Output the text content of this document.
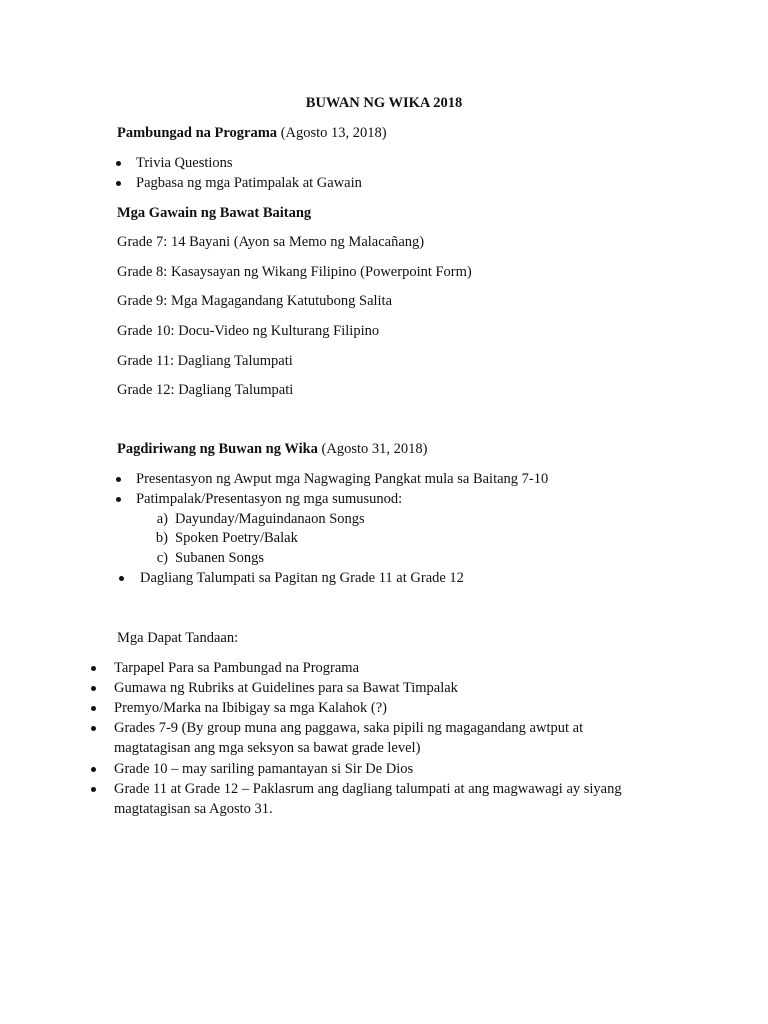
BUWAN NG WIKA 2018
Pambungad na Programa (Agosto 13, 2018)
Trivia Questions
Pagbasa ng mga Patimpalak at Gawain
Mga Gawain ng Bawat Baitang
Grade 7: 14 Bayani (Ayon sa Memo ng Malacañang)
Grade 8: Kasaysayan ng Wikang Filipino (Powerpoint Form)
Grade 9: Mga Magagandang Katutubong Salita
Grade 10: Docu-Video ng Kulturang Filipino
Grade 11: Dagliang Talumpati
Grade 12: Dagliang Talumpati
Pagdiriwang ng Buwan ng Wika (Agosto 31, 2018)
Presentasyon ng Awput mga Nagwaging Pangkat mula sa Baitang 7-10
Patimpalak/Presentasyon ng mga sumusunod:
a) Dayunday/Maguindanaon Songs
b) Spoken Poetry/Balak
c) Subanen Songs
Dagliang Talumpati sa Pagitan ng Grade 11 at Grade 12
Mga Dapat Tandaan:
Tarpapel Para sa Pambungad na Programa
Gumawa ng Rubriks at Guidelines para sa Bawat Timpalak
Premyo/Marka na Ibibigay sa mga Kalahok (?)
Grades 7-9 (By group muna ang paggawa, saka pipili ng magagandang awtput at
magtatagisan ang mga seksyon sa bawat grade level)
Grade 10 – may sariling pamantayan si Sir De Dios
Grade 11 at Grade 12 – Paklasrum ang dagliang talumpati at ang magwawagi ay siyang
magtatagisan sa Agosto 31.
